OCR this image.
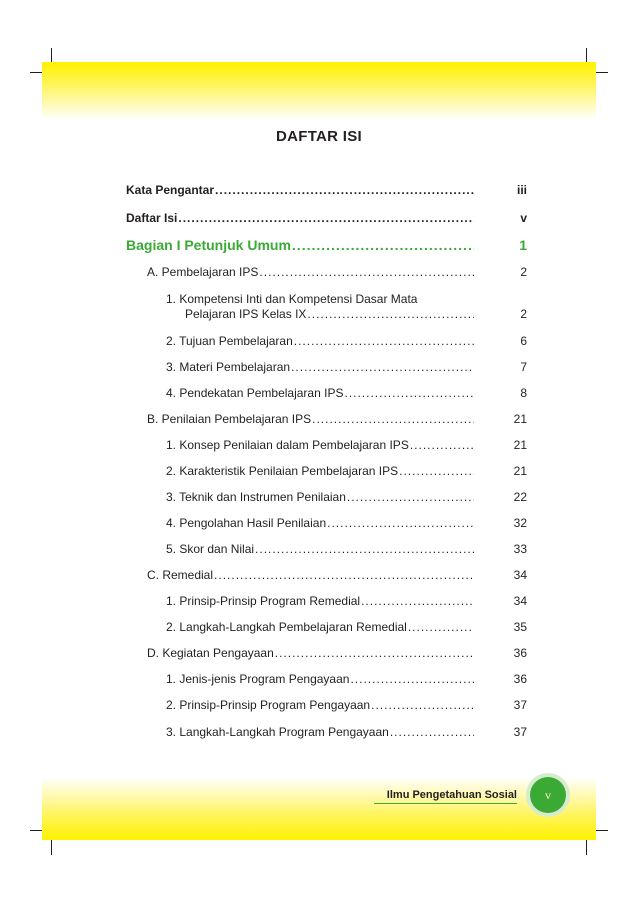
DAFTAR ISI
Kata Pengantar .....	iii
Daftar Isi .....	v
Bagian I Petunjuk Umum .....	1
A. Pembelajaran IPS .....	2
1. Kompetensi Inti dan Kompetensi Dasar Mata
Pelajaran IPS Kelas IX .....	2
2. Tujuan Pembelajaran .....	6
3. Materi Pembelajaran .....	7
4. Pendekatan Pembelajaran IPS .....	8
B. Penilaian Pembelajaran IPS .....	21
1. Konsep Penilaian dalam Pembelajaran IPS .....	21
2. Karakteristik Penilaian Pembelajaran IPS .....	21
3. Teknik dan Instrumen Penilaian .....	22
4. Pengolahan Hasil Penilaian .....	32
5. Skor dan Nilai .....	33
C. Remedial .....	34
1. Prinsip-Prinsip Program Remedial .....	34
2. Langkah-Langkah Pembelajaran Remedial .....	35
D. Kegiatan Pengayaan .....	36
1. Jenis-jenis Program Pengayaan .....	36
2. Prinsip-Prinsip Program Pengayaan .....	37
3. Langkah-Langkah Program Pengayaan .....	37
Ilmu Pengetahuan Sosial	v
